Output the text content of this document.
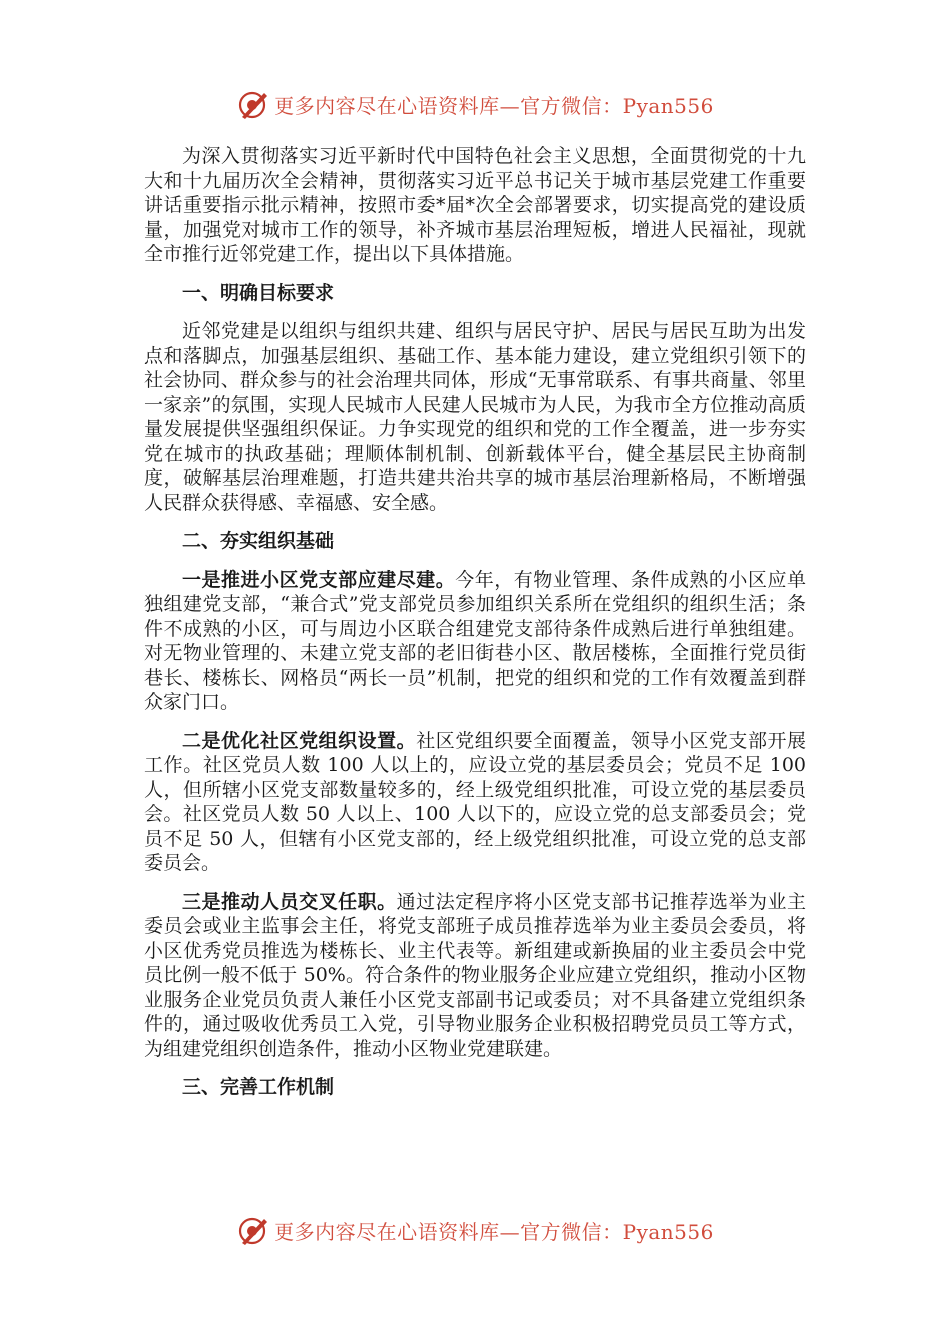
更多内容尽在心语资料库—官方微信：Pyan556

为深入贯彻落实习近平新时代中国特色社会主义思想，全面贯彻党的十九大和十九届历次全会精神，贯彻落实习近平总书记关于城市基层党建工作重要讲话重要指示批示精神，按照市委*届*次全会部署要求，切实提高党的建设质量，加强党对城市工作的领导，补齐城市基层治理短板，增进人民福祉，现就全市推行近邻党建工作，提出以下具体措施。

一、明确目标要求

近邻党建是以组织与组织共建、组织与居民守护、居民与居民互助为出发点和落脚点，加强基层组织、基础工作、基本能力建设，建立党组织引领下的社会协同、群众参与的社会治理共同体，形成“无事常联系、有事共商量、邻里一家亲”的氛围，实现人民城市人民建人民城市为人民，为我市全方位推动高质量发展提供坚强组织保证。力争实现党的组织和党的工作全覆盖，进一步夯实党在城市的执政基础；理顺体制机制、创新载体平台，健全基层民主协商制度，破解基层治理难题，打造共建共治共享的城市基层治理新格局，不断增强人民群众获得感、幸福感、安全感。

二、夯实组织基础

一是推进小区党支部应建尽建。今年，有物业管理、条件成熟的小区应单独组建党支部，“兼合式”党支部党员参加组织关系所在党组织的组织生活；条件不成熟的小区，可与周边小区联合组建党支部待条件成熟后进行单独组建。对无物业管理的、未建立党支部的老旧街巷小区、散居楼栋，全面推行党员街巷长、楼栋长、网格员“两长一员”机制，把党的组织和党的工作有效覆盖到群众家门口。

二是优化社区党组织设置。社区党组织要全面覆盖，领导小区党支部开展工作。社区党员人数 100 人以上的，应设立党的基层委员会；党员不足 100 人，但所辖小区党支部数量较多的，经上级党组织批准，可设立党的基层委员会。社区党员人数 50 人以上、100 人以下的，应设立党的总支部委员会；党员不足 50 人，但辖有小区党支部的，经上级党组织批准，可设立党的总支部委员会。

三是推动人员交叉任职。通过法定程序将小区党支部书记推荐选举为业主委员会或业主监事会主任，将党支部班子成员推荐选举为业主委员会委员，将小区优秀党员推选为楼栋长、业主代表等。新组建或新换届的业主委员会中党员比例一般不低于 50%。符合条件的物业服务企业应建立党组织，推动小区物业服务企业党员负责人兼任小区党支部副书记或委员；对不具备建立党组织条件的，通过吸收优秀员工入党，引导物业服务企业积极招聘党员员工等方式，为组建党组织创造条件，推动小区物业党建联建。

三、完善工作机制
更多内容尽在心语资料库—官方微信：Pyan556
